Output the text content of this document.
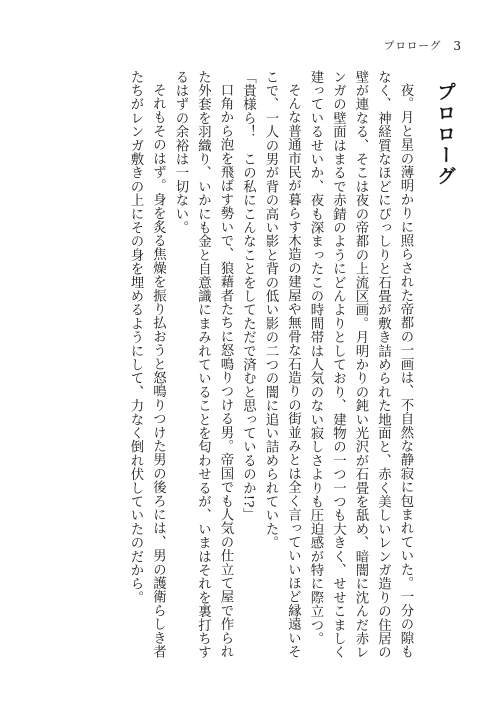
3
プロローグ
プロローグ

夜。月と星の薄明かりに照らされた帝都の一画は、不自然な静寂に包まれていた。一分の隙もなく、神経質なほどにぴっしりと石畳が敷き詰められた地面と、赤く美しいレンガ造りの住居の壁が連なる、そこは夜の帝都の上流区画。月明かりの鈍い光沢が石畳を舐め、暗闇に沈んだ赤レンガの壁面はまるで赤錆のようにどんよりとしており、建物の一つ一つも大きく、せせこましく建っているせいか、夜も深まったこの時間帯は人気のない寂しさよりも圧迫感が特に際立つ。

そんな普通市民が暮らす木造の建屋や無骨な石造りの街並みとは全く言っていいほど縁遠いそこで、一人の男が背の高い影と背の低い影の二つの闇に追い詰められていた。

「貴様ら！　この私にこんなことをしてただで済むと思っているのか!?」

口角から泡を飛ばす勢いで、狼藉者たちに怒鳴りつける男。帝国でも人気の仕立て屋で作られた外套を羽織り、いかにも金と自意識にまみれていることを匂わせるが、いまはそれを裏打ちするはずの余裕は一切ない。

それもそのはず。身を炙る焦燥を振り払おうと怒鳴りつけた男の後ろには、男の護衛らしき者たちがレンガ敷きの上にその身を埋めるようにして、力なく倒れ伏していたのだから。
